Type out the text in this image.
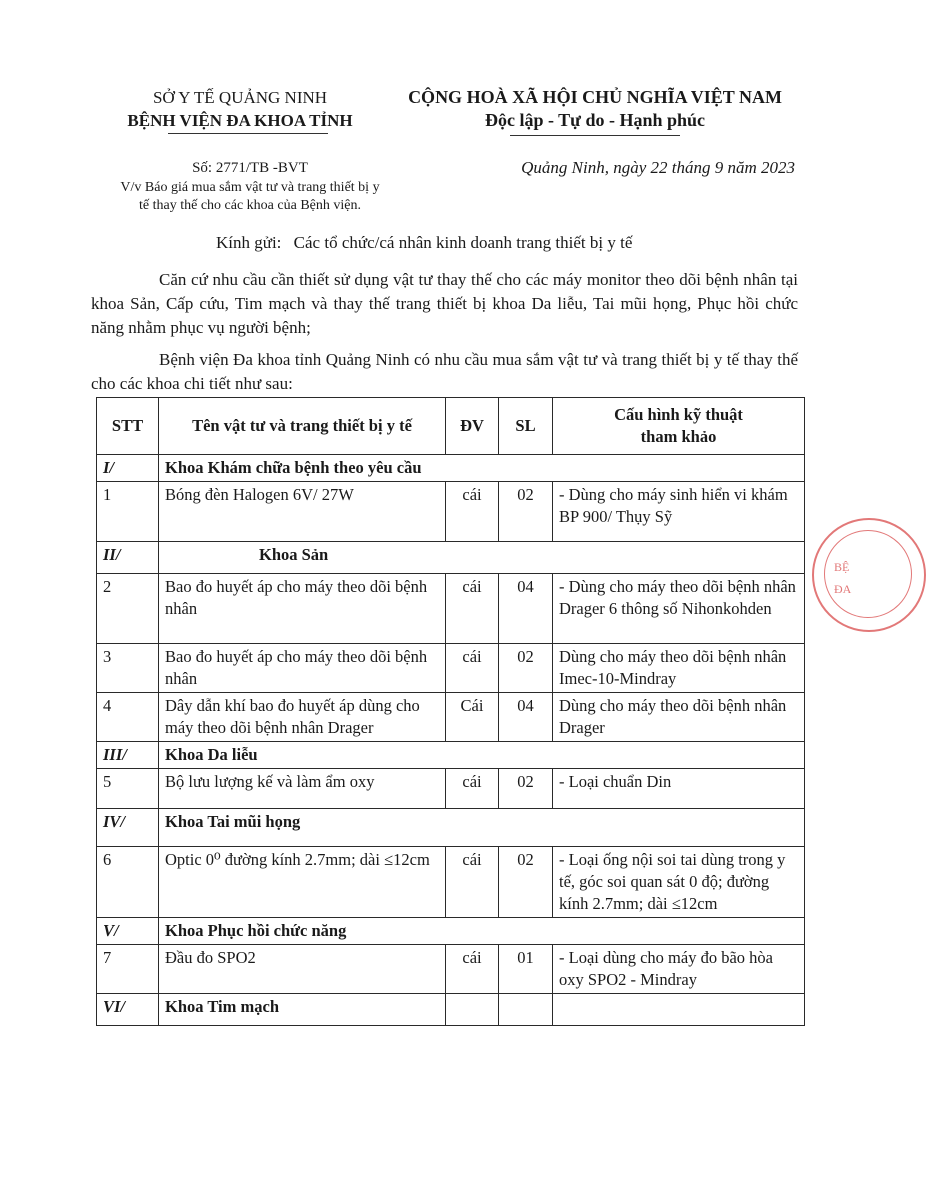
SỞ Y TẾ QUẢNG NINH
BỆNH VIỆN ĐA KHOA TỈNH
CỘNG HOÀ XÃ HỘI CHỦ NGHĨA VIỆT NAM
Độc lập - Tự do - Hạnh phúc
Số: 2771/TB -BVT
V/v Báo giá mua sắm vật tư và trang thiết bị y
tế thay thế cho các khoa của Bệnh viện.
Quảng Ninh, ngày 22 tháng 9 năm 2023
Kính gửi: Các tổ chức/cá nhân kinh doanh trang thiết bị y tế
Căn cứ nhu cầu cần thiết sử dụng vật tư thay thế cho các máy monitor theo dõi bệnh nhân tại khoa Sản, Cấp cứu, Tim mạch và thay thế trang thiết bị khoa Da liễu, Tai mũi họng, Phục hồi chức năng nhằm phục vụ người bệnh;
Bệnh viện Đa khoa tỉnh Quảng Ninh có nhu cầu mua sắm vật tư và trang thiết bị y tế thay thế cho các khoa chi tiết như sau:
STT	Tên vật tư và trang thiết bị y tế	ĐV	SL	Cấu hình kỹ thuật
tham khảo

I/	Khoa Khám chữa bệnh theo yêu cầu			
1	Bóng đèn Halogen 6V/ 27W	cái	02	- Dùng cho máy sinh hiển vi khám BP 900/ Thụy Sỹ
II/	Khoa Sản			
2	Bao đo huyết áp cho máy theo dõi bệnh nhân	cái	04	- Dùng cho máy theo dõi bệnh nhân Drager 6 thông số Nihonkohden
3	Bao đo huyết áp cho máy theo dõi bệnh nhân	cái	02	Dùng cho máy theo dõi bệnh nhân Imec-10-Mindray
4	Dây dẫn khí bao đo huyết áp dùng cho máy theo dõi bệnh nhân Drager	Cái	04	Dùng cho máy theo dõi bệnh nhân Drager
III/	Khoa Da liễu			
5	Bộ lưu lượng kế và làm ẩm oxy	cái	02	- Loại chuẩn Din
IV/	Khoa Tai mũi họng			
6	Optic 0⁰ đường kính 2.7mm; dài ≤12cm	cái	02	- Loại ống nội soi tai dùng trong y tế, góc soi quan sát 0 độ; đường kính 2.7mm; dài ≤12cm
V/	Khoa Phục hồi chức năng			
7	Đầu đo SPO2	cái	01	- Loại dùng cho máy đo bão hòa oxy SPO2 - Mindray
VI/	Khoa Tim mạch			
BỆ
ĐA
